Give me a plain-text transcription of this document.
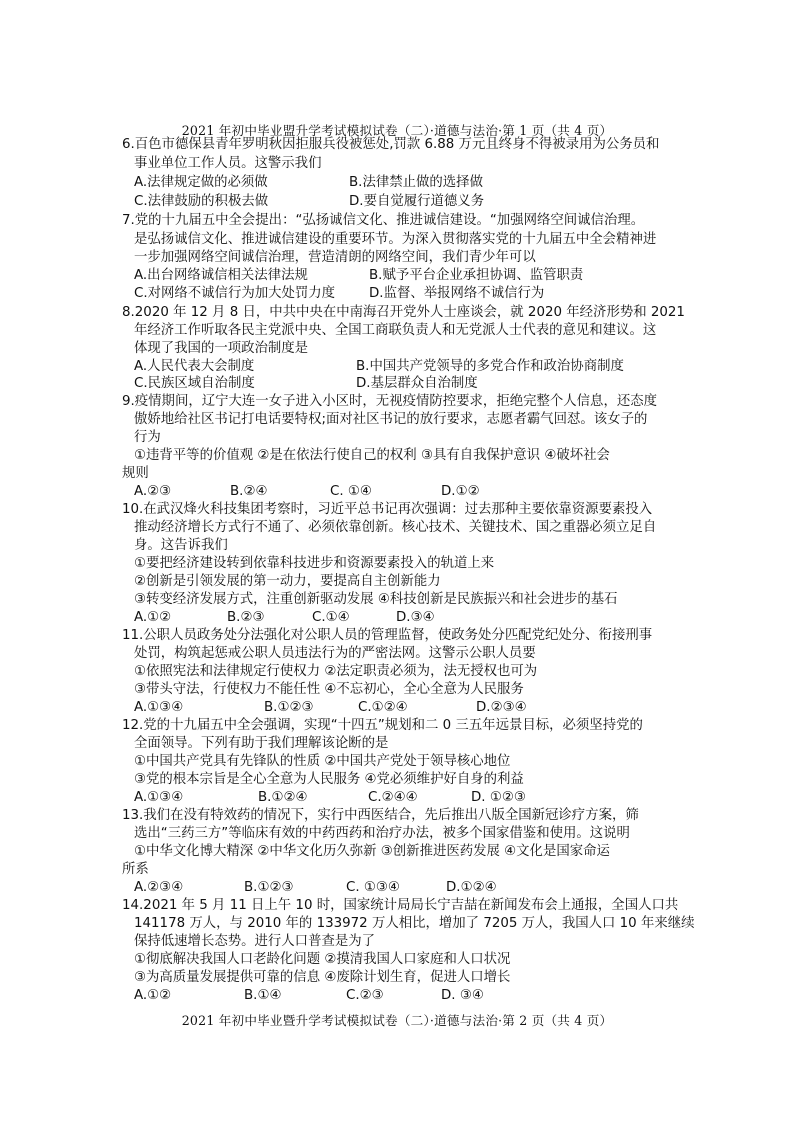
2021 年初中毕业盟升学考试模拟试卷（二）·道德与法治·第 1 页（共 4 页）
6.百色市德保县青年罗明秋因拒服兵役被惩处,罚款 6.88 万元且终身不得被录用为公务员和
事业单位工作人员。这警示我们
A.法律规定做的必须做	B.法律禁止做的选择做
C.法律鼓励的积极去做	D.要自觉履行道德义务
7.党的十九届五中全会提出：“弘扬诚信文化、推进诚信建设。“加强网络空间诚信治理。
是弘扬诚信文化、推进诚信建设的重要环节。为深入贯彻落实党的十九届五中全会精神进
一步加强网络空间诚信治理，营造清朗的网络空间，我们青少年可以
A.出台网络诚信相关法律法规	B.赋予平台企业承担协调、监管职责
C.对网络不诚信行为加大处罚力度	D.监督、举报网络不诚信行为
8.2020 年 12 月 8 日，中共中央在中南海召开党外人士座谈会，就 2020 年经济形势和 2021
年经济工作听取各民主党派中央、全国工商联负责人和无党派人士代表的意见和建议。这
体现了我国的一项政治制度是
A.人民代表大会制度	B.中国共产党领导的多党合作和政治协商制度
C.民族区域自治制度	D.基层群众自治制度
9.疫情期间，辽宁大连一女子进入小区时，无视疫情防控要求，拒绝完整个人信息，还态度
傲娇地给社区书记打电话要特权;面对社区书记的放行要求，志愿者霸气回怼。该女子的
行为
①违背平等的价值观 ②是在依法行使自己的权利 ③具有自我保护意识 ④破坏社会
规则
A.②③	B.②④	C. ①④	D.①②
10.在武汉烽火科技集团考察时，习近平总书记再次强调：过去那种主要依靠资源要素投入
推动经济增长方式行不通了、必须依靠创新。核心技术、关键技术、国之重器必须立足自
身。这告诉我们
①要把经济建设转到依靠科技进步和资源要素投入的轨道上来
②创新是引领发展的第一动力，要提高自主创新能力
③转变经济发展方式，注重创新驱动发展 ④科技创新是民族振兴和社会进步的基石
A.①②	B.②③	C.①④	D.③④
11.公职人员政务处分法强化对公职人员的管理监督，使政务处分匹配党纪处分、衔接刑事
处罚，构筑起惩戒公职人员违法行为的严密法网。这警示公职人员要
①依照宪法和法律规定行使权力 ②法定职责必须为，法无授权也可为
③带头守法，行使权力不能任性 ④不忘初心，全心全意为人民服务
A.①③④	B.①②③	C.①②④	D.②③④
12.党的十九届五中全会强调，实现“十四五”规划和二 0 三五年远景目标，必须坚持党的
全面领导。下列有助于我们理解该论断的是
①中国共产党具有先锋队的性质 ②中国共产党处于领导核心地位
③党的根本宗旨是全心全意为人民服务 ④党必须维护好自身的利益
A.①③④	B.①②④	C.②④④	D. ①②③
13.我们在没有特效药的情况下，实行中西医结合，先后推出八版全国新冠诊疗方案，筛
选出“三药三方”等临床有效的中药西药和治疗办法，被多个国家借鉴和使用。这说明
①中华文化博大精深 ②中华文化历久弥新 ③创新推进医药发展 ④文化是国家命运
所系
A.②③④	B.①②③	C. ①③④	D.①②④
14.2021 年 5 月 11 日上午 10 时，国家统计局局长宁吉喆在新闻发布会上通报，全国人口共
141178 万人，与 2010 年的 133972 万人相比，增加了 7205 万人，我国人口 10 年来继续
保持低速增长态势。进行人口普查是为了
①彻底解决我国人口老龄化问题 ②摸清我国人口家庭和人口状况
③为高质量发展提供可靠的信息 ④废除计划生育，促进人口增长
A.①②	B.①④	C.②③	D. ③④
2021 年初中毕业暨升学考试模拟试卷（二）·道德与法治·第 2 页（共 4 页）
